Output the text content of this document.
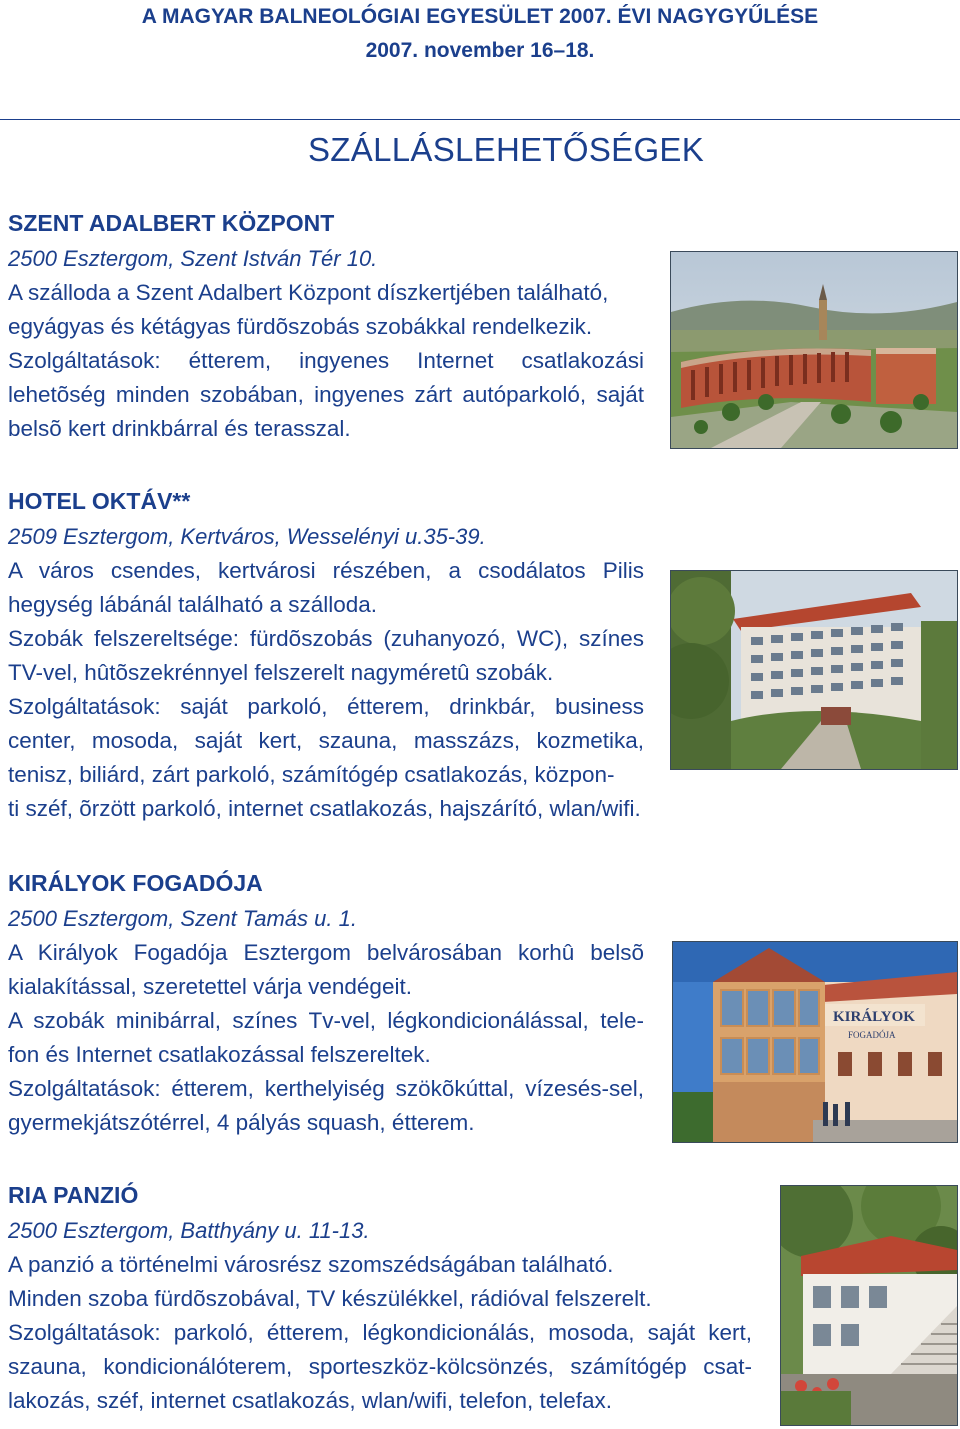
A MAGYAR BALNEOLÓGIAI EGYESÜLET 2007. ÉVI NAGYGYŰLÉSE
2007. november 16–18.
SZÁLLÁSLEHETŐSÉGEK
SZENT ADALBERT KÖZPONT
2500 Esztergom, Szent István Tér 10.

A szálloda a Szent Adalbert Központ díszkertjében található,

egyágyas és kétágyas fürdõszobás szobákkal rendelkezik.

Szolgáltatások: étterem, ingyenes Internet csatlakozási lehetõség minden szobában, ingyenes zárt autóparkoló, saját belsõ kert drinkbárral és terasszal.

HOTEL OKTÁV**
2509 Esztergom, Kertváros, Wesselényi u.35-39.

A város csendes, kertvárosi részében, a csodálatos Pilis hegység lábánál található a szálloda.

Szobák felszereltsége: fürdõszobás (zuhanyozó, WC), színes TV-vel, hûtõszekrénnyel felszerelt nagyméretû szobák.

Szolgáltatások: saját parkoló, étterem, drinkbár, business center, mosoda, saját kert, szauna, masszázs, kozmetika, tenisz, biliárd, zárt parkoló, számítógép csatlakozás, közpon-

ti széf, õrzött parkoló, internet csatlakozás, hajszárító, wlan/wifi.

KIRÁLYOK FOGADÓJA
2500 Esztergom, Szent Tamás u. 1.

A Királyok Fogadója Esztergom belvárosában korhû belsõ kialakítással, szeretettel várja vendégeit.

A szobák minibárral, színes Tv-vel, légkondicionálással, tele-fon és Internet csatlakozással felszereltek.

Szolgáltatások: étterem, kerthelyiség szökõkúttal, vízesés-sel, gyermekjátszótérrel, 4 pályás squash, étterem.

RIA PANZIÓ
2500 Esztergom, Batthyány u. 11-13.

A panzió a történelmi városrész szomszédságában található.

Minden szoba fürdõszobával, TV készülékkel, rádióval felszerelt.

Szolgáltatások: parkoló, étterem, légkondicionálás, mosoda, saját kert, szauna, kondicionálóterem, sporteszköz-kölcsönzés, számítógép csat-lakozás, széf, internet csatlakozás, wlan/wifi, telefon, telefax.

KIRÁLYOK
FOGADÓJA
